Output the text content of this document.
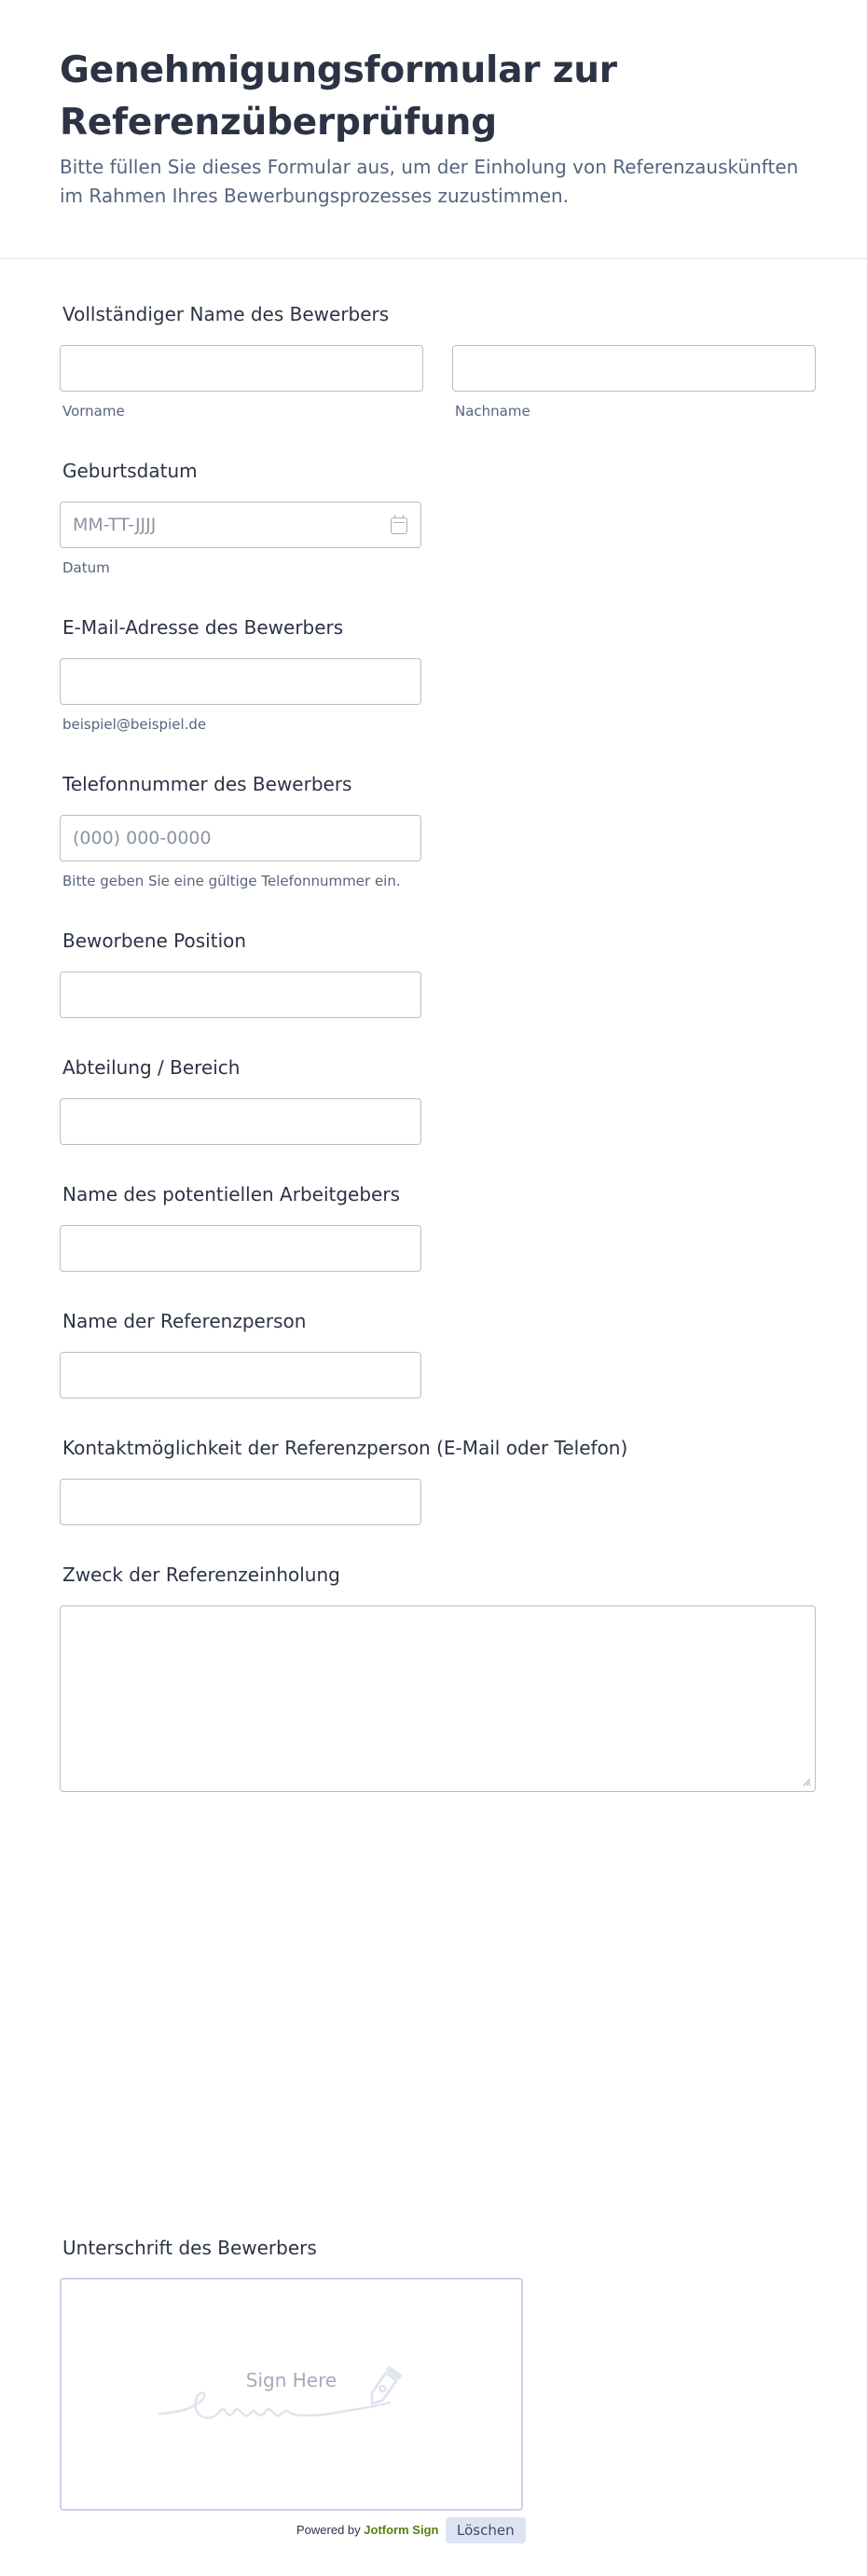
Genehmigungsformular zur Referenzüberprüfung

Bitte füllen Sie dieses Formular aus, um der Einholung von Referenzauskünften im Rahmen Ihres Bewerbungsprozesses zuzustimmen.

Vollständiger Name des Bewerbers
Vorname	Nachname
Geburtsdatum
MM-TT-JJJJ
Datum
E-Mail-Adresse des Bewerbers
beispiel@beispiel.de
Telefonnummer des Bewerbers
(000) 000-0000
Bitte geben Sie eine gültige Telefonnummer ein.
Beworbene Position
Abteilung / Bereich
Name des potentiellen Arbeitgebers
Name der Referenzperson
Kontaktmöglichkeit der Referenzperson (E-Mail oder Telefon)
Zweck der Referenzeinholung
Unterschrift des Bewerbers
Sign Here
Powered by Jotform Sign	Löschen
